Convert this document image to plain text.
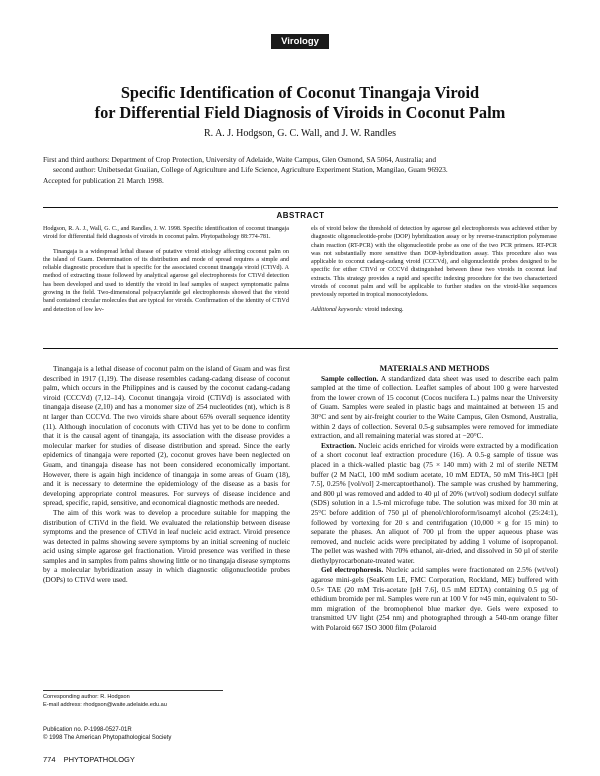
Virology
Specific Identification of Coconut Tinangaja Viroid
for Differential Field Diagnosis of Viroids in Coconut Palm
R. A. J. Hodgson, G. C. Wall, and J. W. Randles

First and third authors: Department of Crop Protection, University of Adelaide, Waite Campus, Glen Osmond, SA 5064, Australia; and

second author: Unibetsedat Guaiian, College of Agriculture and Life Science, Agriculture Experiment Station, Mangilao, Guam 96923.

Accepted for publication 21 March 1998.

ABSTRACT

Hodgson, R. A. J., Wall, G. C., and Randles, J. W. 1998. Specific identification of coconut tinangaja viroid for differential field diagnosis of viroids in coconut palm. Phytopathology 88:774-781.

Tinangaja is a widespread lethal disease of putative viroid etiology affecting coconut palm on the island of Guam. Determination of its distribution and mode of spread requires a simple and reliable diagnostic procedure that is specific for the associated coconut tinangaja viroid (CTiVd). A method of extracting tissue followed by analytical agarose gel electrophoresis for CTiVd detection has been developed and used to identify the viroid in leaf samples of suspect symptomatic palms growing in the field. Two-dimensional polyacrylamide gel electrophoresis showed that the viroid band contained circular molecules that are typical for viroids. Confirmation of the identity of CTiVd and detection of low lev-

els of viroid below the threshold of detection by agarose gel electrophoresis was achieved either by diagnostic oligonucleotide-probe (DOP) hybridization assay or by reverse-transcription polymerase chain reaction (RT-PCR) with the oligonucleotide probe as one of the two PCR primers. RT-PCR was not substantially more sensitive than DOP-hybridization assay. This procedure also was applicable to coconut cadang-cadang viroid (CCCVd), and oligonucleotide probes designed to be specific for either CTiVd or CCCVd distinguished between these two viroids in coconut leaf extracts. This strategy provides a rapid and specific indexing procedure for the two characterized viroids of coconut palm and will be applicable to further studies on the viroid-like sequences previously reported in tropical monocotyledons.

Additional keywords: viroid indexing.

Tinangaja is a lethal disease of coconut palm on the island of Guam and was first described in 1917 (1,19). The disease resembles cadang-cadang disease of coconut palm, which occurs in the Philippines and is caused by the coconut cadang-cadang viroid (CCCVd) (7,12–14). Coconut tinangaja viroid (CTiVd) is associated with tinangaja disease (2,10) and has a monomer size of 254 nucleotides (nt), which is 8 nt larger than CCCVd. The two viroids share about 65% overall sequence identity (11). Although inoculation of coconuts with CTiVd has yet to be done to confirm that it is the causal agent of tinangaja, its association with the disease provides a molecular marker for studies of disease distribution and spread. Since the early epidemics of tinangaja were reported (2), coconut groves have been neglected on Guam, and tinangaja disease has not been considered economically important. However, there is again high incidence of tinangaja in some areas of Guam (18), and it is necessary to determine the epidemiology of the disease as a basis for developing appropriate control measures. For surveys of disease incidence and spread, specific, rapid, sensitive, and economical diagnostic methods are needed.

The aim of this work was to develop a procedure suitable for mapping the distribution of CTiVd in the field. We evaluated the relationship between disease symptoms and the presence of CTiVd in leaf nucleic acid extract. Viroid presence was detected in palms showing severe symptoms by an initial screening of nucleic acid using simple agarose gel fractionation. Viroid presence was verified in these samples and in samples from palms showing little or no tinangaja disease symptoms by a molecular hybridization assay in which diagnostic oligonucleotide probes (DOPs) to CTiVd were used.

MATERIALS AND METHODS

Sample collection. A standardized data sheet was used to describe each palm sampled at the time of collection. Leaflet samples of about 100 g were harvested from the lower crown of 15 coconut (Cocos nucifera L.) palms near the University of Guam. Samples were sealed in plastic bags and maintained at between 15 and 30°C and sent by air-freight courier to the Waite Campus, Glen Osmond, Australia, within 2 days of collection. Several 0.5-g subsamples were removed for immediate extraction, and all remaining material was stored at −20°C.

Extraction. Nucleic acids enriched for viroids were extracted by a modification of a short coconut leaf extraction procedure (16). A 0.5-g sample of tissue was placed in a thick-walled plastic bag (75 × 140 mm) with 2 ml of sterile NETM buffer (2 M NaCl, 100 mM sodium acetate, 10 mM EDTA, 50 mM Tris-HCl [pH 7.5], 0.25% [vol/vol] 2-mercaptoethanol). The sample was crushed by hammering, and 800 µl was removed and added to 40 µl of 20% (wt/vol) sodium dodecyl sulfate (SDS) solution in a 1.5-ml microfuge tube. The solution was mixed for 30 min at 25°C before addition of 750 µl of phenol/chloroform/isoamyl alcohol (25:24:1), followed by vortexing for 20 s and centrifugation (10,000 × g for 15 min) to separate the phases. An aliquot of 700 µl from the upper aqueous phase was removed, and nucleic acids were precipitated by adding 1 volume of isopropanol. The pellet was washed with 70% ethanol, air-dried, and dissolved in 50 µl of sterile diethylpyrocarbonate-treated water.

Gel electrophoresis. Nucleic acid samples were fractionated on 2.5% (wt/vol) agarose mini-gels (SeaKem LE, FMC Corporation, Rockland, ME) buffered with 0.5× TAE (20 mM Tris-acetate [pH 7.6], 0.5 mM EDTA) containing 0.5 µg of ethidium bromide per ml. Samples were run at 100 V for ≈45 min, equivalent to 50-mm migration of the bromophenol blue marker dye. Gels were exposed to transmitted UV light (254 nm) and photographed through a 540-nm orange filter with Polaroid 667 ISO 3000 film (Polaroid

Corresponding author: R. Hodgson

E-mail address: rhodgson@waite.adelaide.edu.au

Publication no. P-1998-0527-01R

© 1998 The American Phytopathological Society

774 PHYTOPATHOLOGY
